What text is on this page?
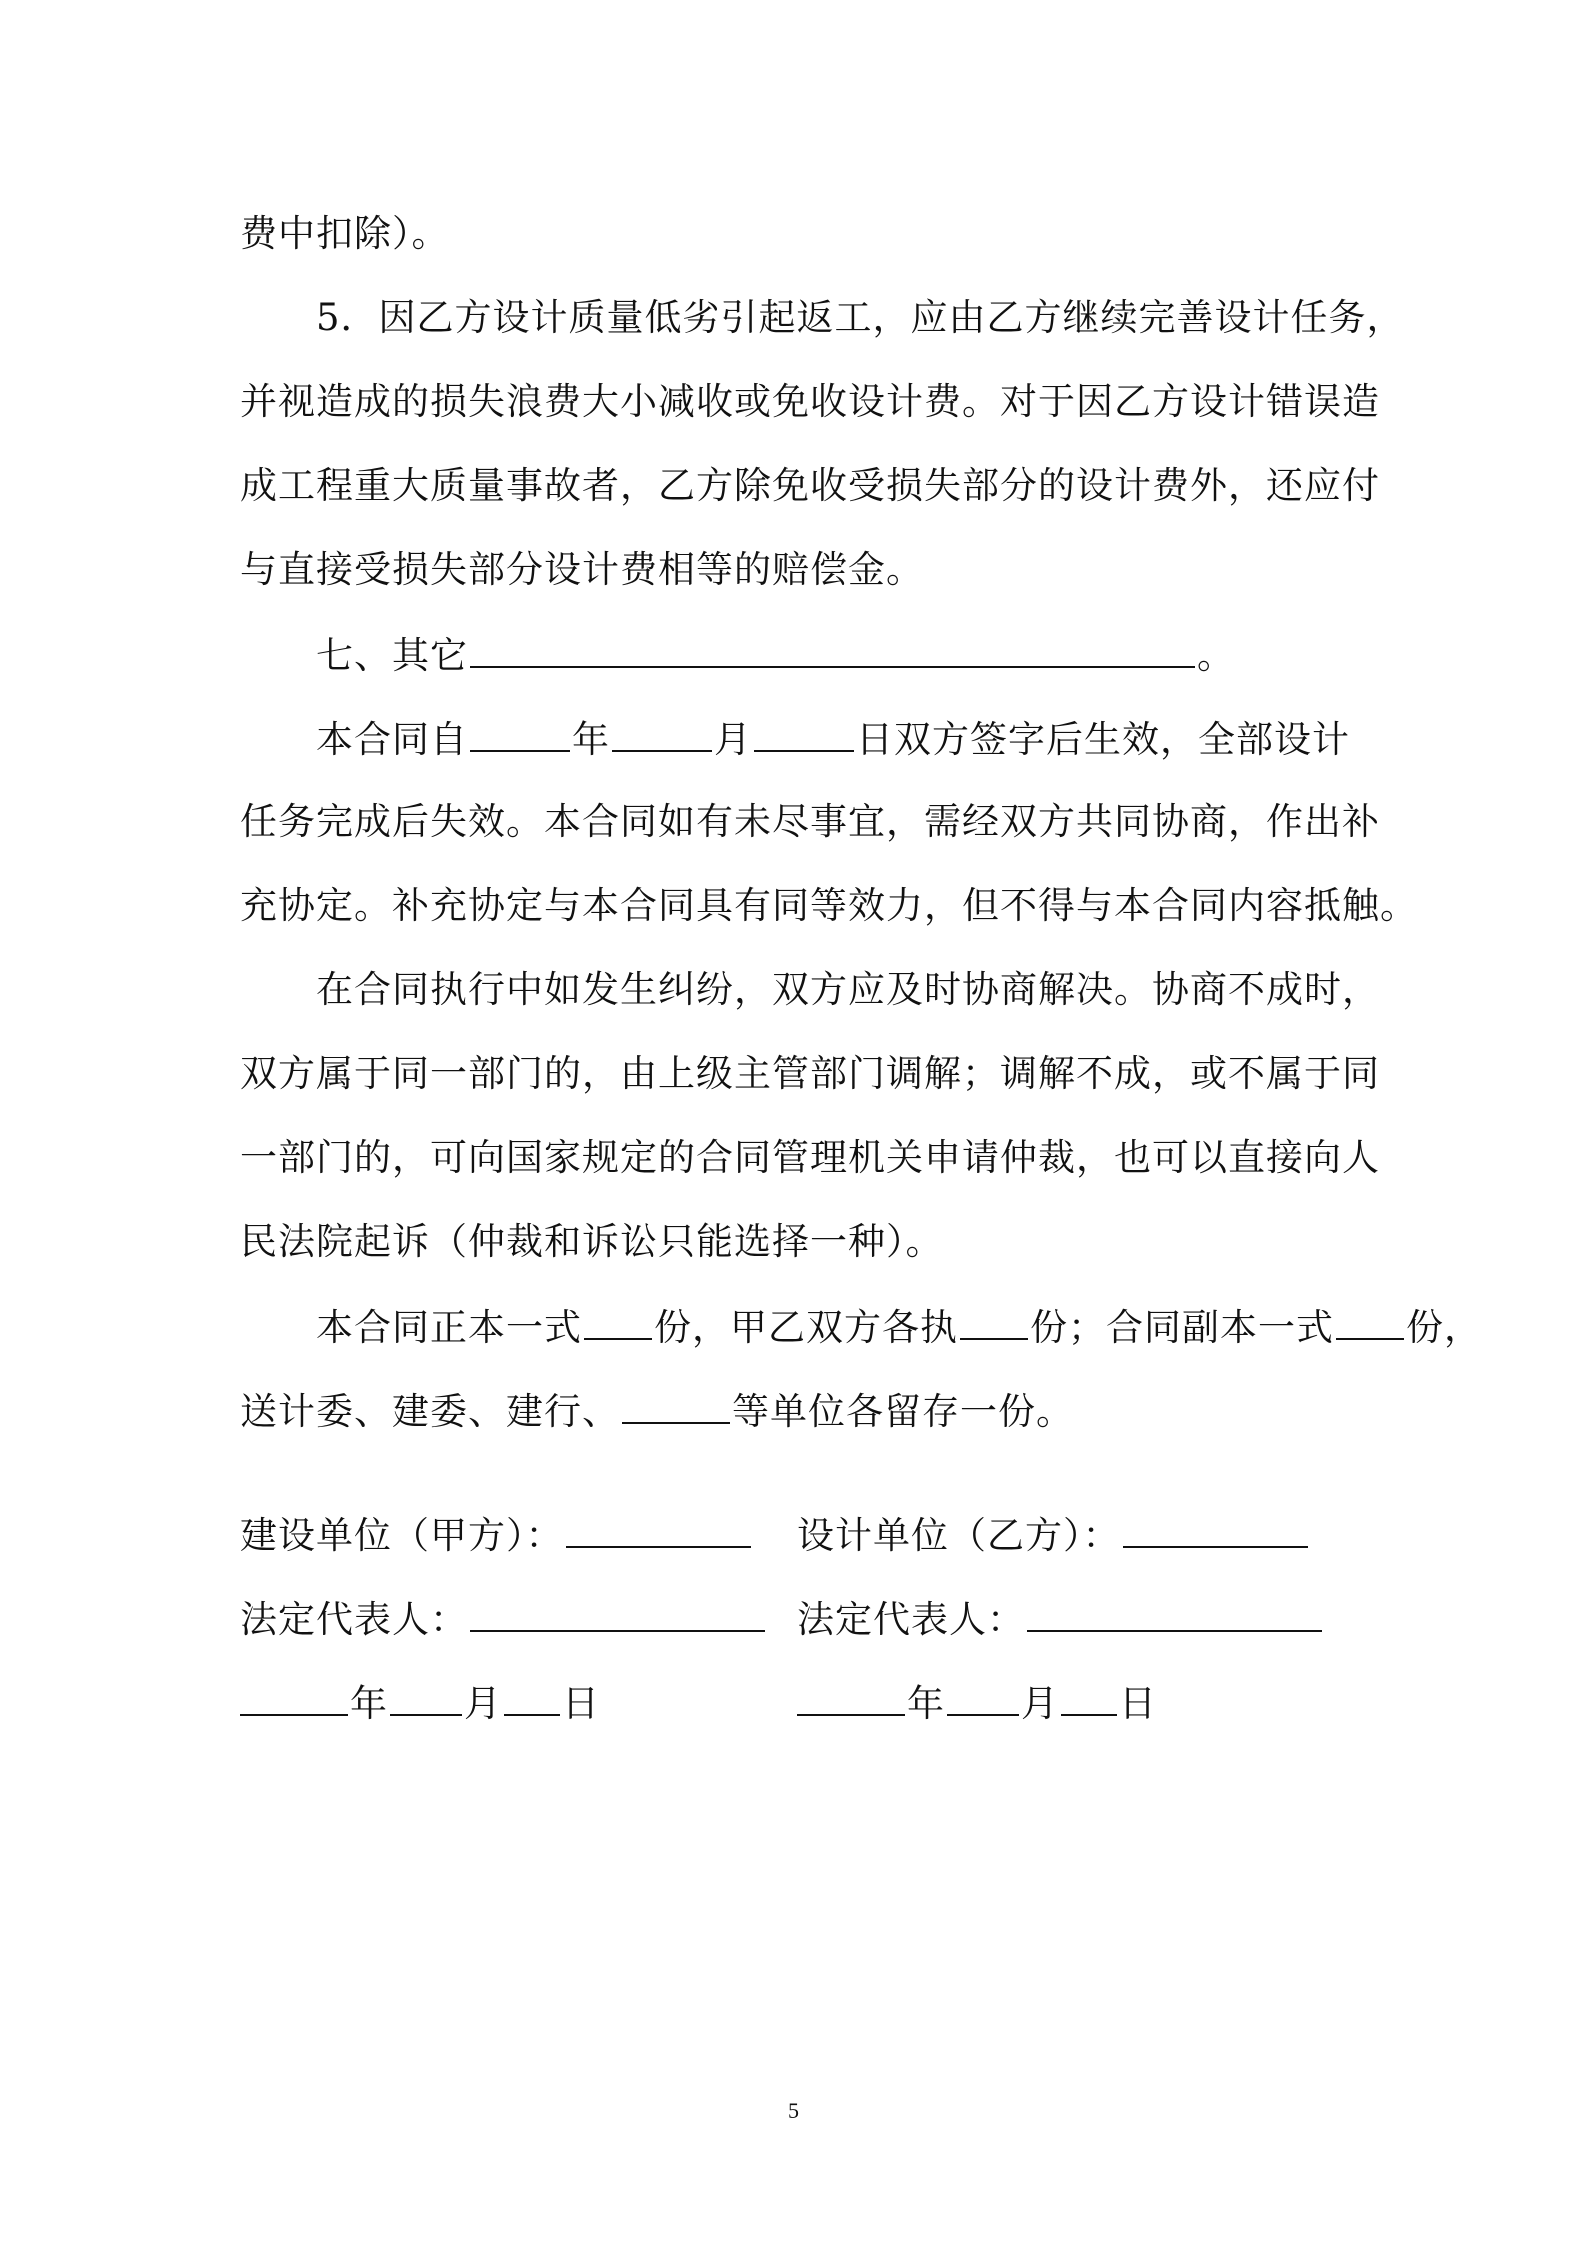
费中扣除）。
5．因乙方设计质量低劣引起返工，应由乙方继续完善设计任务，
并视造成的损失浪费大小减收或免收设计费。对于因乙方设计错误造
成工程重大质量事故者，乙方除免收受损失部分的设计费外，还应付
与直接受损失部分设计费相等的赔偿金。
七、其它	。
本合同自	年	月	日双方签字后生效，全部设计
任务完成后失效。本合同如有未尽事宜，需经双方共同协商，作出补
充协定。补充协定与本合同具有同等效力，但不得与本合同内容抵触。
在合同执行中如发生纠纷，双方应及时协商解决。协商不成时，
双方属于同一部门的，由上级主管部门调解；调解不成，或不属于同
一部门的，可向国家规定的合同管理机关申请仲裁，也可以直接向人
民法院起诉（仲裁和诉讼只能选择一种）。
本合同正本一式 份，甲乙双方各执 份；合同副本一式 份，
送计委、建委、建行、	等单位各留存一份。
建设单位（甲方）：	设计单位（乙方）：
法定代表人：	法定代表人：
年 月 日	年 月 日
5
